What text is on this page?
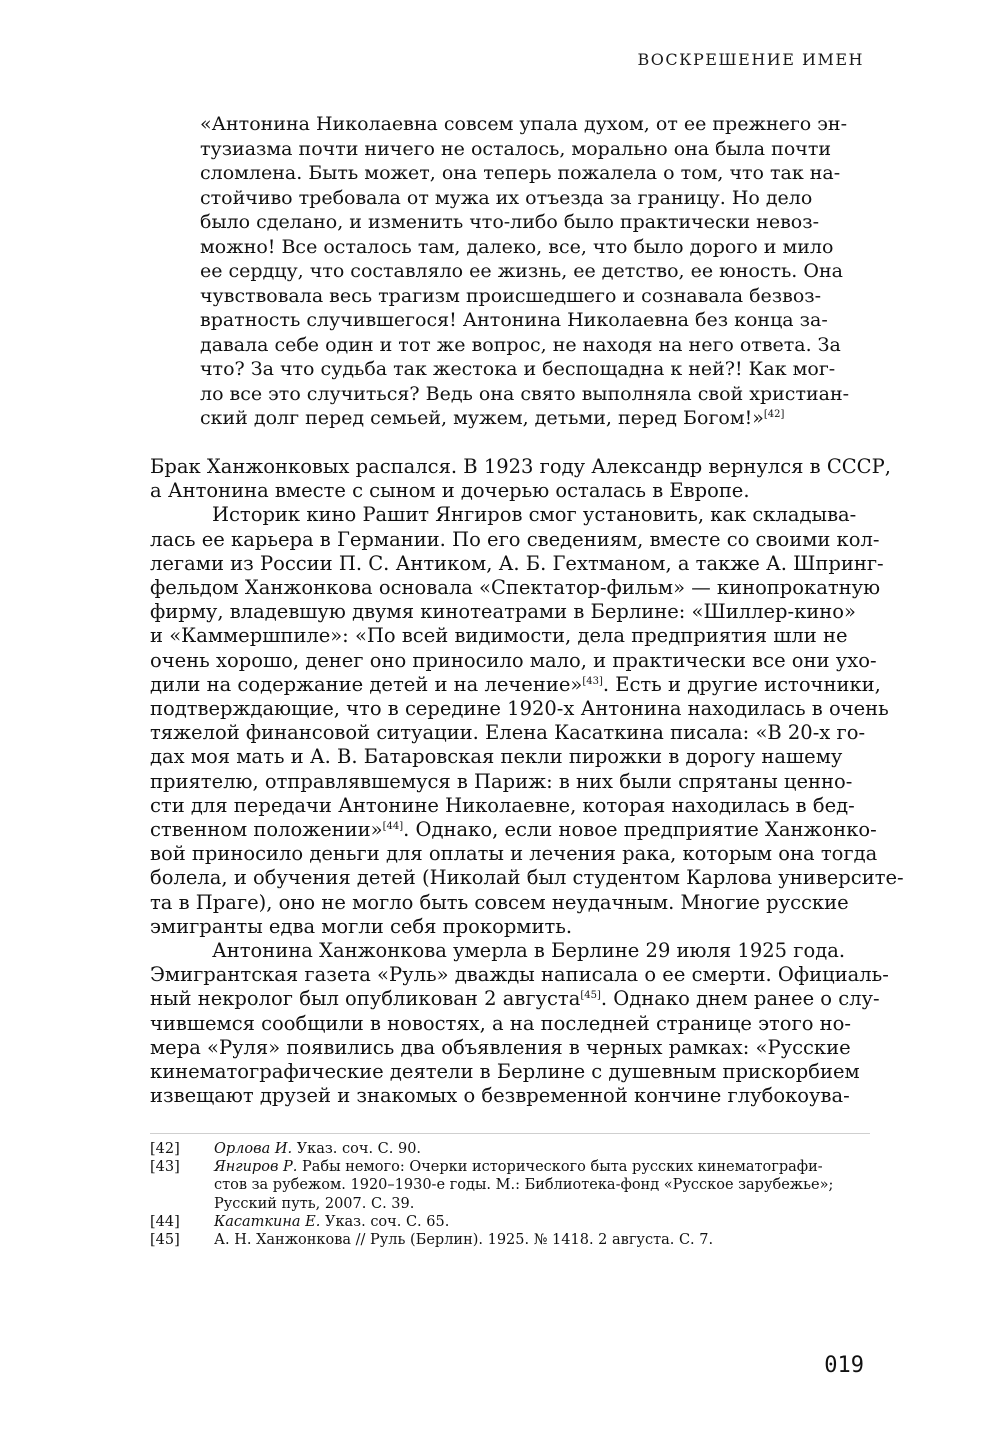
ВОСКРЕШЕНИЕ ИМЕН
«Антонина Николаевна совсем упала духом, от ее прежнего эн-
тузиазма почти ничего не осталось, морально она была почти
сломлена. Быть может, она теперь пожалела о том, что так на-
стойчиво требовала от мужа их отъезда за границу. Но дело
было сделано, и изменить что-либо было практически невоз-
можно! Все осталось там, далеко, все, что было дорого и мило
ее сердцу, что составляло ее жизнь, ее детство, ее юность. Она
чувствовала весь трагизм происшедшего и сознавала безвоз-
вратность случившегося! Антонина Николаевна без конца за-
давала себе один и тот же вопрос, не находя на него ответа. За
что? За что судьба так жестока и беспощадна к ней?! Как мог-
ло все это случиться? Ведь она свято выполняла свой христиан-
ский долг перед семьей, мужем, детьми, перед Богом!»[42]
Брак Ханжонковых распался. В 1923 году Александр вернулся в СССР,
а Антонина вместе с сыном и дочерью осталась в Европе.
Историк кино Рашит Янгиров смог установить, как складыва-
лась ее карьера в Германии. По его сведениям, вместе со своими кол-
легами из России П. С. Антиком, А. Б. Гехтманом, а также А. Шпринг-
фельдом Ханжонкова основала «Спектатор-фильм» — кинопрокатную
фирму, владевшую двумя кинотеатрами в Берлине: «Шиллер-кино»
и «Каммершпиле»: «По всей видимости, дела предприятия шли не
очень хорошо, денег оно приносило мало, и практически все они ухо-
дили на содержание детей и на лечение»[43]. Есть и другие источники,
подтверждающие, что в середине 1920-х Антонина находилась в очень
тяжелой финансовой ситуации. Елена Касаткина писала: «В 20-х го-
дах моя мать и А. В. Батаровская пекли пирожки в дорогу нашему
приятелю, отправлявшемуся в Париж: в них были спрятаны ценно-
сти для передачи Антонине Николаевне, которая находилась в бед-
ственном положении»[44]. Однако, если новое предприятие Ханжонко-
вой приносило деньги для оплаты и лечения рака, которым она тогда
болела, и обучения детей (Николай был студентом Карлова университе-
та в Праге), оно не могло быть совсем неудачным. Многие русские
эмигранты едва могли себя прокормить.
Антонина Ханжонкова умерла в Берлине 29 июля 1925 года.
Эмигрантская газета «Руль» дважды написала о ее смерти. Официаль-
ный некролог был опубликован 2 августа[45]. Однако днем ранее о слу-
чившемся сообщили в новостях, а на последней странице этого но-
мера «Руля» появились два объявления в черных рамках: «Русские
кинематографические деятели в Берлине с душевным прискорбием
извещают друзей и знакомых о безвременной кончине глубокоува-
[42]	Орлова И. Указ. соч. С. 90.
[43]	Янгиров Р. Рабы немого: Очерки исторического быта русских кинематографи-
стов за рубежом. 1920–1930-е годы. М.: Библиотека-фонд «Русское зарубежье»;
Русский путь, 2007. С. 39.
[44]	Касаткина Е. Указ. соч. С. 65.
[45]	А. Н. Ханжонкова // Руль (Берлин). 1925. № 1418. 2 августа. С. 7.
019
